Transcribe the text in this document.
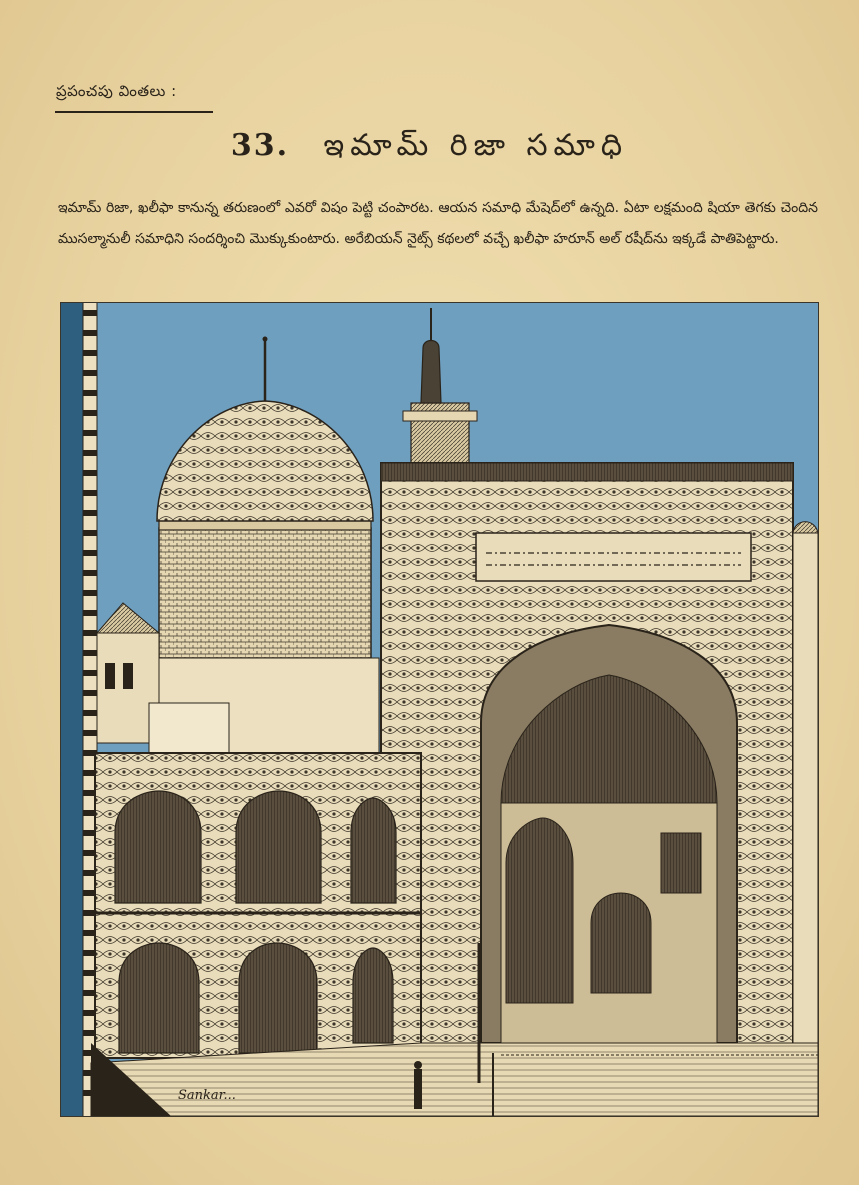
ప్రపంచపు వింతలు :
33. ఇమామ్ రిజా సమాధి
ఇమామ్ రిజా, ఖలీఫా కానున్న తరుణంలో ఎవరో విషం పెట్టి చంపారట. ఆయన సమాధి మేషెద్‌లో ఉన్నది. ఏటా లక్షమంది షియా తెగకు చెందిన ముసల్మానులీ సమాధిని సందర్శించి మొక్కుకుంటారు. అరేబియన్ నైట్స్ కథలలో వచ్చే ఖలీఫా హరూన్ అల్ రషీద్‌ను ఇక్కడే పాతిపెట్టారు.
Sankar...
